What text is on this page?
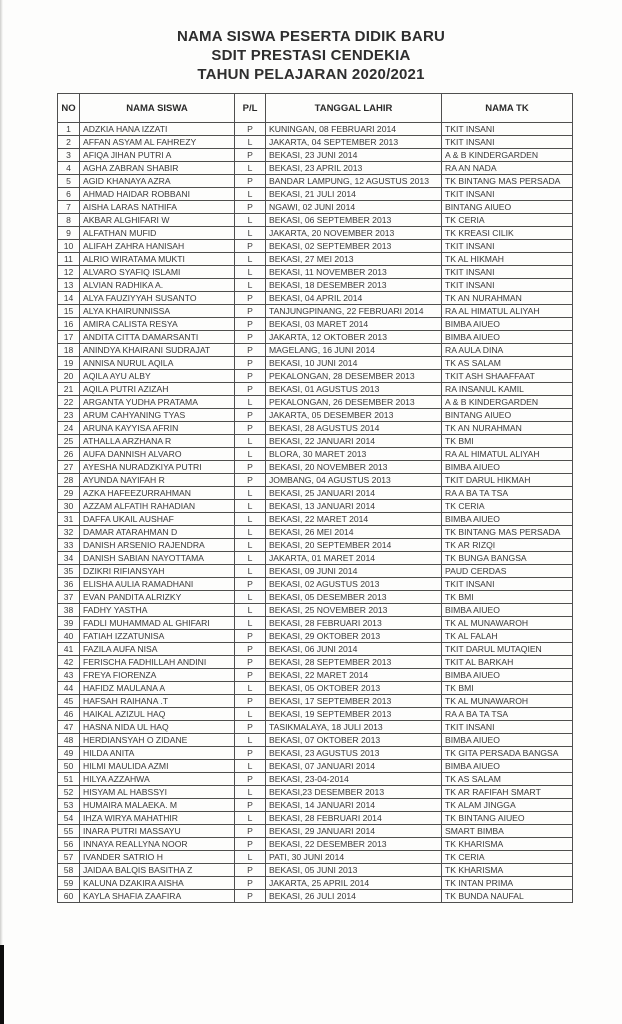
NAMA SISWA PESERTA DIDIK BARU
SDIT PRESTASI CENDEKIA
TAHUN PELAJARAN 2020/2021
NO	NAMA SISWA	P/L	TANGGAL LAHIR	NAMA TK
1	ADZKIA HANA IZZATI	P	KUNINGAN, 08 FEBRUARI 2014	TKIT INSANI
2	AFFAN ASYAM AL FAHREZY	L	JAKARTA, 04 SEPTEMBER 2013	TKIT INSANI
3	AFIQA JIHAN PUTRI A	P	BEKASI, 23 JUNI 2014	A & B KINDERGARDEN
4	AGHA ZABRAN SHABIR	L	BEKASI, 23 APRIL 2013	RA AN NADA
5	AGID KHANAYA AZRA	P	BANDAR LAMPUNG, 12 AGUSTUS 2013	TK BINTANG MAS PERSADA
6	AHMAD HAIDAR ROBBANI	L	BEKASI, 21 JULI 2014	TKIT INSANI
7	AISHA LARAS NATHIFA	P	NGAWI, 02 JUNI 2014	BINTANG AIUEO
8	AKBAR ALGHIFARI W	L	BEKASI, 06 SEPTEMBER 2013	TK CERIA
9	ALFATHAN MUFID	L	JAKARTA, 20 NOVEMBER 2013	TK KREASI CILIK
10	ALIFAH ZAHRA HANISAH	P	BEKASI, 02 SEPTEMBER 2013	TKIT INSANI
11	ALRIO WIRATAMA MUKTI	L	BEKASI, 27 MEI 2013	TK AL HIKMAH
12	ALVARO SYAFIQ ISLAMI	L	BEKASI, 11 NOVEMBER 2013	TKIT INSANI
13	ALVIAN RADHIKA A.	L	BEKASI, 18 DESEMBER 2013	TKIT INSANI
14	ALYA FAUZIYYAH SUSANTO	P	BEKASI, 04 APRIL 2014	TK AN NURAHMAN
15	ALYA KHAIRUNNISSA	P	TANJUNGPINANG, 22 FEBRUARI 2014	RA AL HIMATUL ALIYAH
16	AMIRA CALISTA RESYA	P	BEKASI, 03 MARET 2014	BIMBA AIUEO
17	ANDITA CITTA DAMARSANTI	P	JAKARTA, 12 OKTOBER 2013	BIMBA AIUEO
18	ANINDYA KHAIRANI SUDRAJAT	P	MAGELANG, 16 JUNI 2014	RA AULA DINA
19	ANNISA NURUL AQILA	P	BEKASI, 10 JUNI 2014	TK AS SALAM
20	AQILA AYU ALBY	P	PEKALONGAN, 28 DESEMBER 2013	TKIT ASH SHAAFFAAT
21	AQILA PUTRI AZIZAH	P	BEKASI, 01 AGUSTUS 2013	RA INSANUL KAMIL
22	ARGANTA YUDHA PRATAMA	L	PEKALONGAN, 26 DESEMBER 2013	A & B KINDERGARDEN
23	ARUM CAHYANING TYAS	P	JAKARTA, 05 DESEMBER 2013	BINTANG AIUEO
24	ARUNA KAYYISA AFRIN	P	BEKASI, 28 AGUSTUS 2014	TK AN NURAHMAN
25	ATHALLA ARZHANA R	L	BEKASI, 22 JANUARI 2014	TK BMI
26	AUFA DANNISH ALVARO	L	BLORA, 30 MARET 2013	RA AL HIMATUL ALIYAH
27	AYESHA NURADZKIYA PUTRI	P	BEKASI, 20 NOVEMBER 2013	BIMBA AIUEO
28	AYUNDA NAYIFAH R	P	JOMBANG, 04 AGUSTUS 2013	TKIT DARUL HIKMAH
29	AZKA HAFEEZURRAHMAN	L	BEKASI, 25 JANUARI 2014	RA A BA TA TSA
30	AZZAM ALFATIH RAHADIAN	L	BEKASI, 13 JANUARI 2014	TK CERIA
31	DAFFA UKAIL AUSHAF	L	BEKASI, 22 MARET 2014	BIMBA AIUEO
32	DAMAR ATARAHMAN D	L	BEKASI, 26 MEI 2014	TK BINTANG MAS PERSADA
33	DANISH ARSENIO RAJENDRA	L	BEKASI, 20 SEPTEMBER 2014	TK AR RIZQI
34	DANISH SABIAN NAYOTTAMA	L	JAKARTA, 01 MARET 2014	TK BUNGA BANGSA
35	DZIKRI RIFIANSYAH	L	BEKASI, 09 JUNI 2014	PAUD CERDAS
36	ELISHA AULIA RAMADHANI	P	BEKASI, 02 AGUSTUS 2013	TKIT INSANI
37	EVAN PANDITA ALRIZKY	L	BEKASI, 05 DESEMBER 2013	TK BMI
38	FADHY YASTHA	L	BEKASI, 25 NOVEMBER 2013	BIMBA AIUEO
39	FADLI MUHAMMAD AL GHIFARI	L	BEKASI, 28 FEBRUARI 2013	TK AL MUNAWAROH
40	FATIAH IZZATUNISA	P	BEKASI, 29 OKTOBER 2013	TK AL FALAH
41	FAZILA AUFA NISA	P	BEKASI, 06 JUNI 2014	TKIT DARUL MUTAQIEN
42	FERISCHA FADHILLAH ANDINI	P	BEKASI, 28 SEPTEMBER 2013	TKIT AL BARKAH
43	FREYA FIORENZA	P	BEKASI, 22 MARET 2014	BIMBA AIUEO
44	HAFIDZ MAULANA A	L	BEKASI, 05 OKTOBER 2013	TK BMI
45	HAFSAH RAIHANA .T	P	BEKASI, 17 SEPTEMBER 2013	TK AL MUNAWAROH
46	HAIKAL AZIZUL HAQ	L	BEKASI, 19 SEPTEMBER 2013	RA A BA TA TSA
47	HASNA NIDA UL HAQ	P	TASIKMALAYA, 18 JULI 2013	TKIT INSANI
48	HERDIANSYAH O ZIDANE	L	BEKASI, 07 OKTOBER 2013	BIMBA AIUEO
49	HILDA ANITA	P	BEKASI, 23 AGUSTUS 2013	TK GITA PERSADA BANGSA
50	HILMI MAULIDA AZMI	L	BEKASI, 07 JANUARI 2014	BIMBA AIUEO
51	HILYA AZZAHWA	P	BEKASI, 23-04-2014	TK AS SALAM
52	HISYAM AL HABSSYI	L	BEKASI,23 DESEMBER 2013	TK AR RAFIFAH SMART
53	HUMAIRA MALAEKA. M	P	BEKASI, 14 JANUARI 2014	TK ALAM JINGGA
54	IHZA WIRYA MAHATHIR	L	BEKASI, 28 FEBRUARI 2014	TK BINTANG AIUEO
55	INARA PUTRI MASSAYU	P	BEKASI, 29 JANUARI 2014	SMART BIMBA
56	INNAYA REALLYNA NOOR	P	BEKASI, 22 DESEMBER 2013	TK KHARISMA
57	IVANDER SATRIO H	L	PATI, 30 JUNI 2014	TK CERIA
58	JAIDAA BALQIS BASITHA Z	P	BEKASI, 05 JUNI 2013	TK KHARISMA
59	KALUNA DZAKIRA AISHA	P	JAKARTA, 25 APRIL 2014	TK INTAN PRIMA
60	KAYLA SHAFIA ZAAFIRA	P	BEKASI, 26 JULI 2014	TK BUNDA NAUFAL
